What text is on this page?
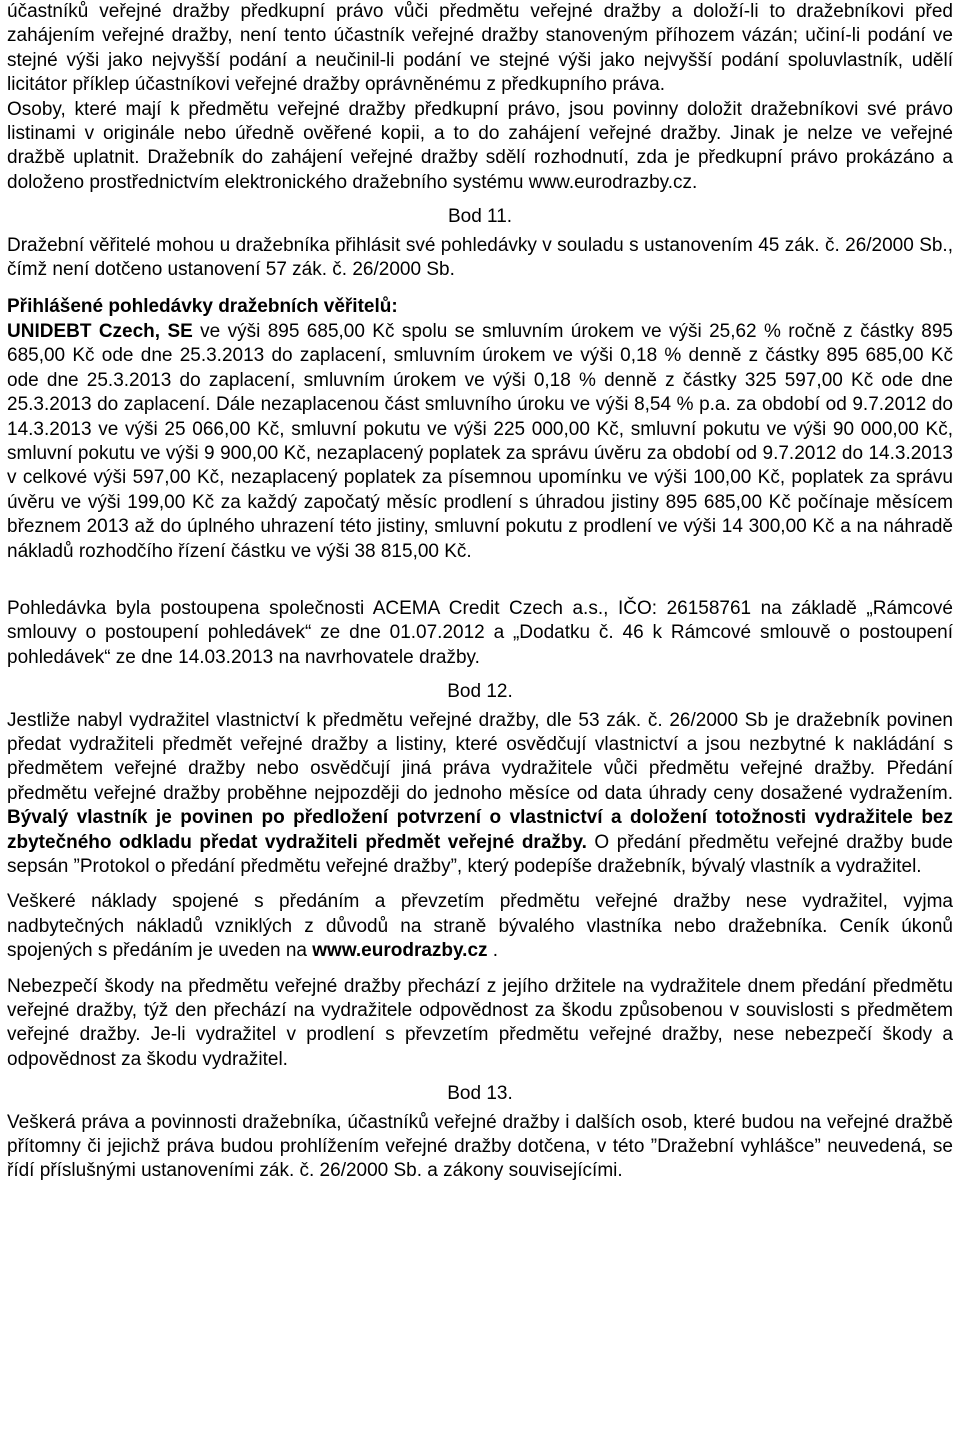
účastníků veřejné dražby předkupní právo vůči předmětu veřejné dražby a doloží-li to dražebníkovi před zahájením veřejné dražby, není tento účastník veřejné dražby stanoveným příhozem vázán; učiní-li podání ve stejné výši jako nejvyšší podání a neučinil-li podání ve stejné výši jako nejvyšší podání spoluvlastník, udělí licitátor příklep účastníkovi veřejné dražby oprávněnému z předkupního práva.

Osoby, které mají k předmětu veřejné dražby předkupní právo, jsou povinny doložit dražebníkovi své právo listinami v originále nebo úředně ověřené kopii, a to do zahájení veřejné dražby. Jinak je nelze ve veřejné dražbě uplatnit. Dražebník do zahájení veřejné dražby sdělí rozhodnutí, zda je předkupní právo prokázáno a doloženo prostřednictvím elektronického dražebního systému www.eurodrazby.cz.

Bod 11.

Dražební věřitelé mohou u dražebníka přihlásit své pohledávky v souladu s ustanovením 45 zák. č. 26/2000 Sb., čímž není dotčeno ustanovení 57 zák. č. 26/2000 Sb.

Přihlášené pohledávky dražebních věřitelů:

UNIDEBT Czech, SE ve výši 895 685,00 Kč spolu se smluvním úrokem ve výši 25,62 % ročně z částky 895 685,00 Kč ode dne 25.3.2013 do zaplacení, smluvním úrokem ve výši 0,18 % denně z částky 895 685,00 Kč ode dne 25.3.2013 do zaplacení, smluvním úrokem ve výši 0,18 % denně z částky 325 597,00 Kč ode dne 25.3.2013 do zaplacení. Dále nezaplacenou část smluvního úroku ve výši 8,54 % p.a. za období od 9.7.2012 do 14.3.2013 ve výši 25 066,00 Kč, smluvní pokutu ve výši 225 000,00 Kč, smluvní pokutu ve výši 90 000,00 Kč, smluvní pokutu ve výši 9 900,00 Kč, nezaplacený poplatek za správu úvěru za období od 9.7.2012 do 14.3.2013 v celkové výši 597,00 Kč, nezaplacený poplatek za písemnou upomínku ve výši 100,00 Kč, poplatek za správu úvěru ve výši 199,00 Kč za každý započatý měsíc prodlení s úhradou jistiny 895 685,00 Kč počínaje měsícem březnem 2013 až do úplného uhrazení této jistiny, smluvní pokutu z prodlení ve výši 14 300,00 Kč a na náhradě nákladů rozhodčího řízení částku ve výši 38 815,00 Kč.

Pohledávka byla postoupena společnosti ACEMA Credit Czech a.s., IČO: 26158761 na základě „Rámcové smlouvy o postoupení pohledávek“ ze dne 01.07.2012 a „Dodatku č. 46 k Rámcové smlouvě o postoupení pohledávek“ ze dne 14.03.2013 na navrhovatele dražby.

Bod 12.

Jestliže nabyl vydražitel vlastnictví k předmětu veřejné dražby, dle 53 zák. č. 26/2000 Sb je dražebník povinen předat vydražiteli předmět veřejné dražby a listiny, které osvědčují vlastnictví a jsou nezbytné k nakládání s předmětem veřejné dražby nebo osvědčují jiná práva vydražitele vůči předmětu veřejné dražby. Předání předmětu veřejné dražby proběhne nejpozději do jednoho měsíce od data úhrady ceny dosažené vydražením. Bývalý vlastník je povinen po předložení potvrzení o vlastnictví a doložení totožnosti vydražitele bez zbytečného odkladu předat vydražiteli předmět veřejné dražby. O předání předmětu veřejné dražby bude sepsán ”Protokol o předání předmětu veřejné dražby”, který podepíše dražebník, bývalý vlastník a vydražitel.

Veškeré náklady spojené s předáním a převzetím předmětu veřejné dražby nese vydražitel, vyjma nadbytečných nákladů vzniklých z důvodů na straně bývalého vlastníka nebo dražebníka. Ceník úkonů spojených s předáním je uveden na www.eurodrazby.cz .

Nebezpečí škody na předmětu veřejné dražby přechází z jejího držitele na vydražitele dnem předání předmětu veřejné dražby, týž den přechází na vydražitele odpovědnost za škodu způsobenou v souvislosti s předmětem veřejné dražby. Je-li vydražitel v prodlení s převzetím předmětu veřejné dražby, nese nebezpečí škody a odpovědnost za škodu vydražitel.

Bod 13.

Veškerá práva a povinnosti dražebníka, účastníků veřejné dražby i dalších osob, které budou na veřejné dražbě přítomny či jejichž práva budou prohlížením veřejné dražby dotčena, v této ”Dražební vyhlášce” neuvedená, se řídí příslušnými ustanoveními zák. č. 26/2000 Sb. a zákony souvisejícími.
